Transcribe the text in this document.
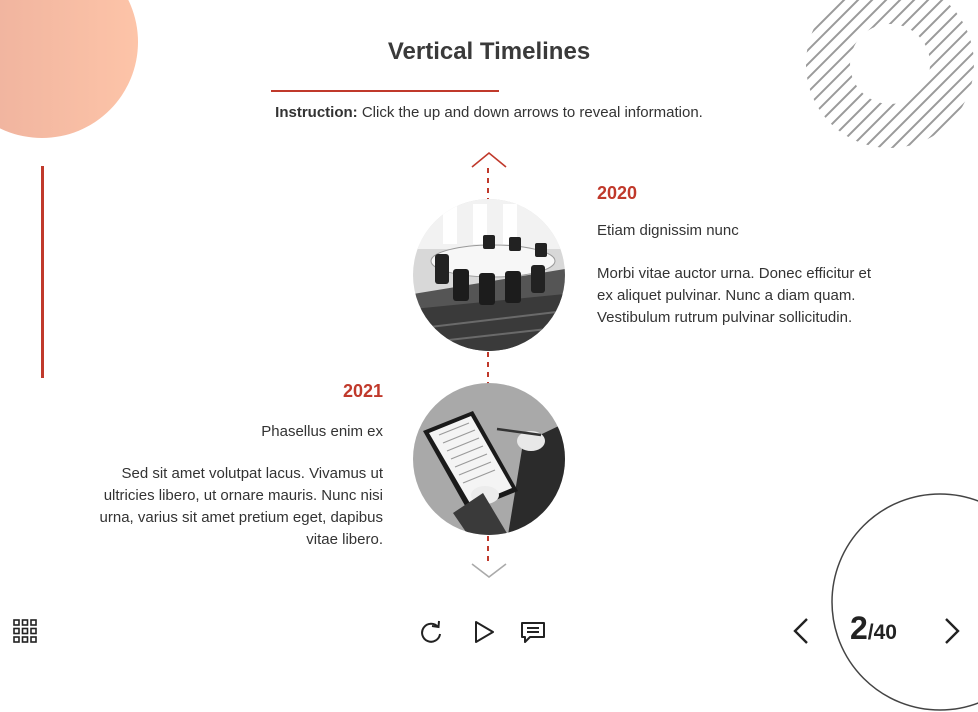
Vertical Timelines
Instruction: Click the up and down arrows to reveal information.
2020
Etiam dignissim nunc
Morbi vitae auctor urna. Donec efficitur et ex aliquet pulvinar. Nunc a diam quam. Vestibulum rutrum pulvinar sollicitudin.
2021
Phasellus enim ex
Sed sit amet volutpat lacus. Vivamus ut ultricies libero, ut ornare mauris. Nunc nisi urna, varius sit amet pretium eget, dapibus vitae libero.
2/40
